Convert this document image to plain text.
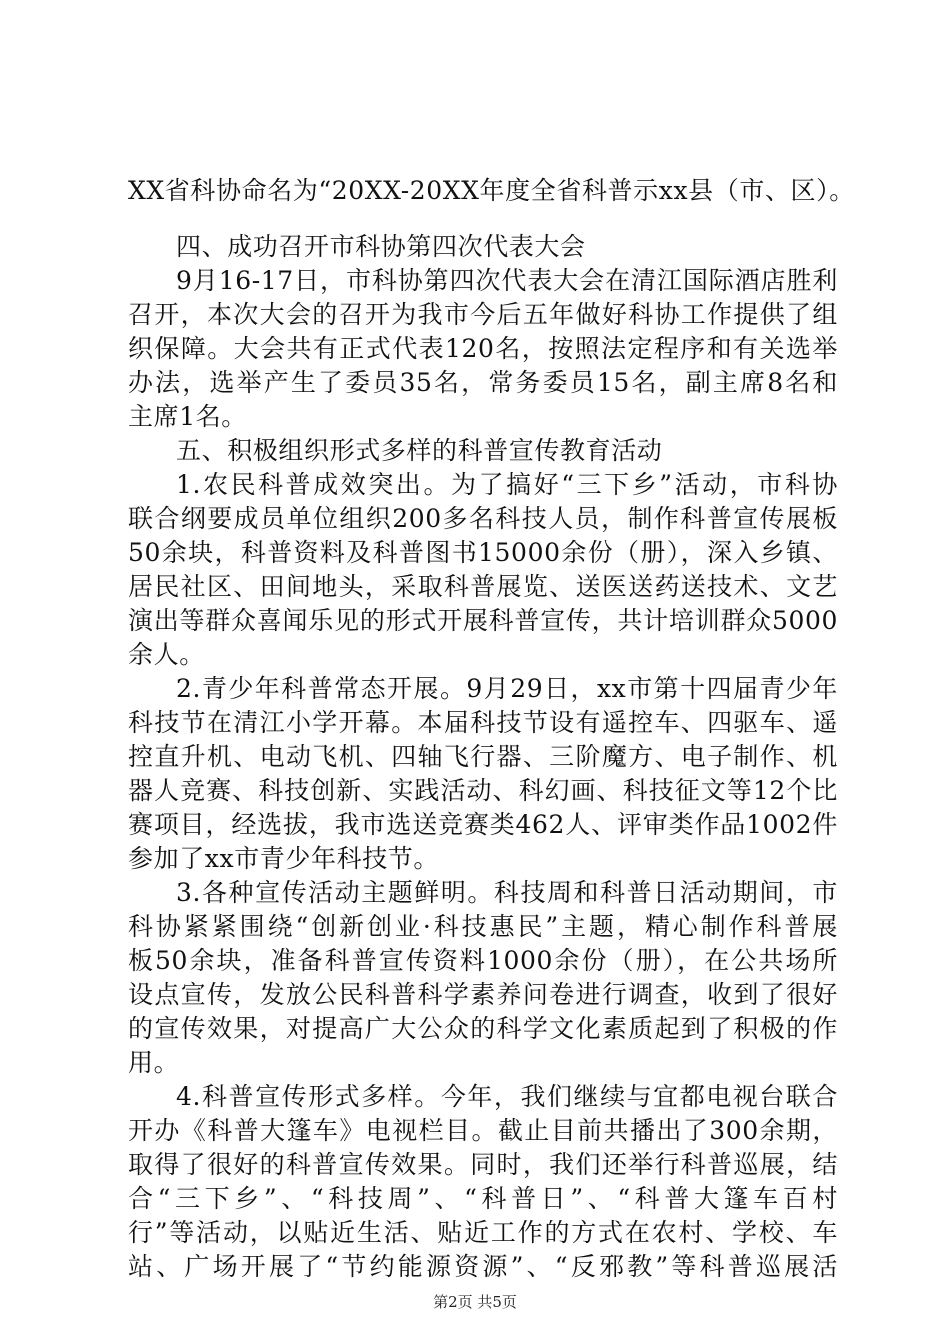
XX省科协命名为“20XX-20XX年度全省科普示xx县（市、区）。
四、成功召开市科协第四次代表大会
9月16-17日，市科协第四次代表大会在清江国际酒店胜利
召开，本次大会的召开为我市今后五年做好科协工作提供了组
织保障。大会共有正式代表120名，按照法定程序和有关选举
办法，选举产生了委员35名，常务委员15名，副主席8名和
主席1名。
五、积极组织形式多样的科普宣传教育活动
1.农民科普成效突出。为了搞好“三下乡”活动，市科协
联合纲要成员单位组织200多名科技人员，制作科普宣传展板
50余块，科普资料及科普图书15000余份（册），深入乡镇、
居民社区、田间地头，采取科普展览、送医送药送技术、文艺
演出等群众喜闻乐见的形式开展科普宣传，共计培训群众5000
余人。
2.青少年科普常态开展。9月29日，xx市第十四届青少年
科技节在清江小学开幕。本届科技节设有遥控车、四驱车、遥
控直升机、电动飞机、四轴飞行器、三阶魔方、电子制作、机
器人竞赛、科技创新、实践活动、科幻画、科技征文等12个比
赛项目，经选拔，我市选送竞赛类462人、评审类作品1002件
参加了xx市青少年科技节。
3.各种宣传活动主题鲜明。科技周和科普日活动期间，市
科协紧紧围绕“创新创业·科技惠民”主题，精心制作科普展
板50余块，准备科普宣传资料1000余份（册），在公共场所
设点宣传，发放公民科普科学素养问卷进行调查，收到了很好
的宣传效果，对提高广大公众的科学文化素质起到了积极的作
用。
4.科普宣传形式多样。今年，我们继续与宜都电视台联合
开办《科普大篷车》电视栏目。截止目前共播出了300余期，
取得了很好的科普宣传效果。同时，我们还举行科普巡展，结
合“三下乡”、“科技周”、“科普日”、“科普大篷车百村
行”等活动，以贴近生活、贴近工作的方式在农村、学校、车
站、广场开展了“节约能源资源”、“反邪教”等科普巡展活
第2页 共5页
